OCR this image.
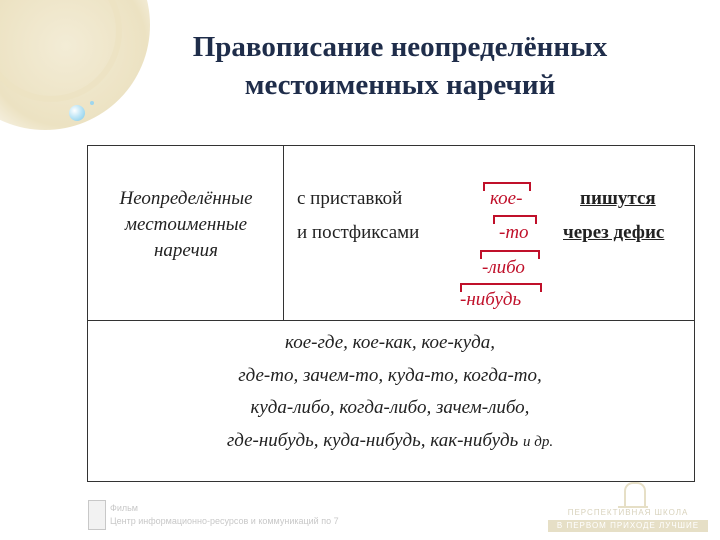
Правописание неопределённых
местоименных наречий
Неопределённые
местоименные
наречия
с приставкой
и постфиксами
кое-
-то
-либо
-нибудь
пишутся
через дефис
кое-где, кое-как, кое-куда,
где-то, зачем-то, куда-то, когда-то,
куда-либо, когда-либо, зачем-либо,
где-нибудь, куда-нибудь, как-нибудь и др.
Фильм
Центр информационно-ресурсов и коммуникаций по 7
ПЕРСПЕКТИВНАЯ ШКОЛА
В ПЕРВОМ ПРИХОДЕ ЛУЧШИЕ
